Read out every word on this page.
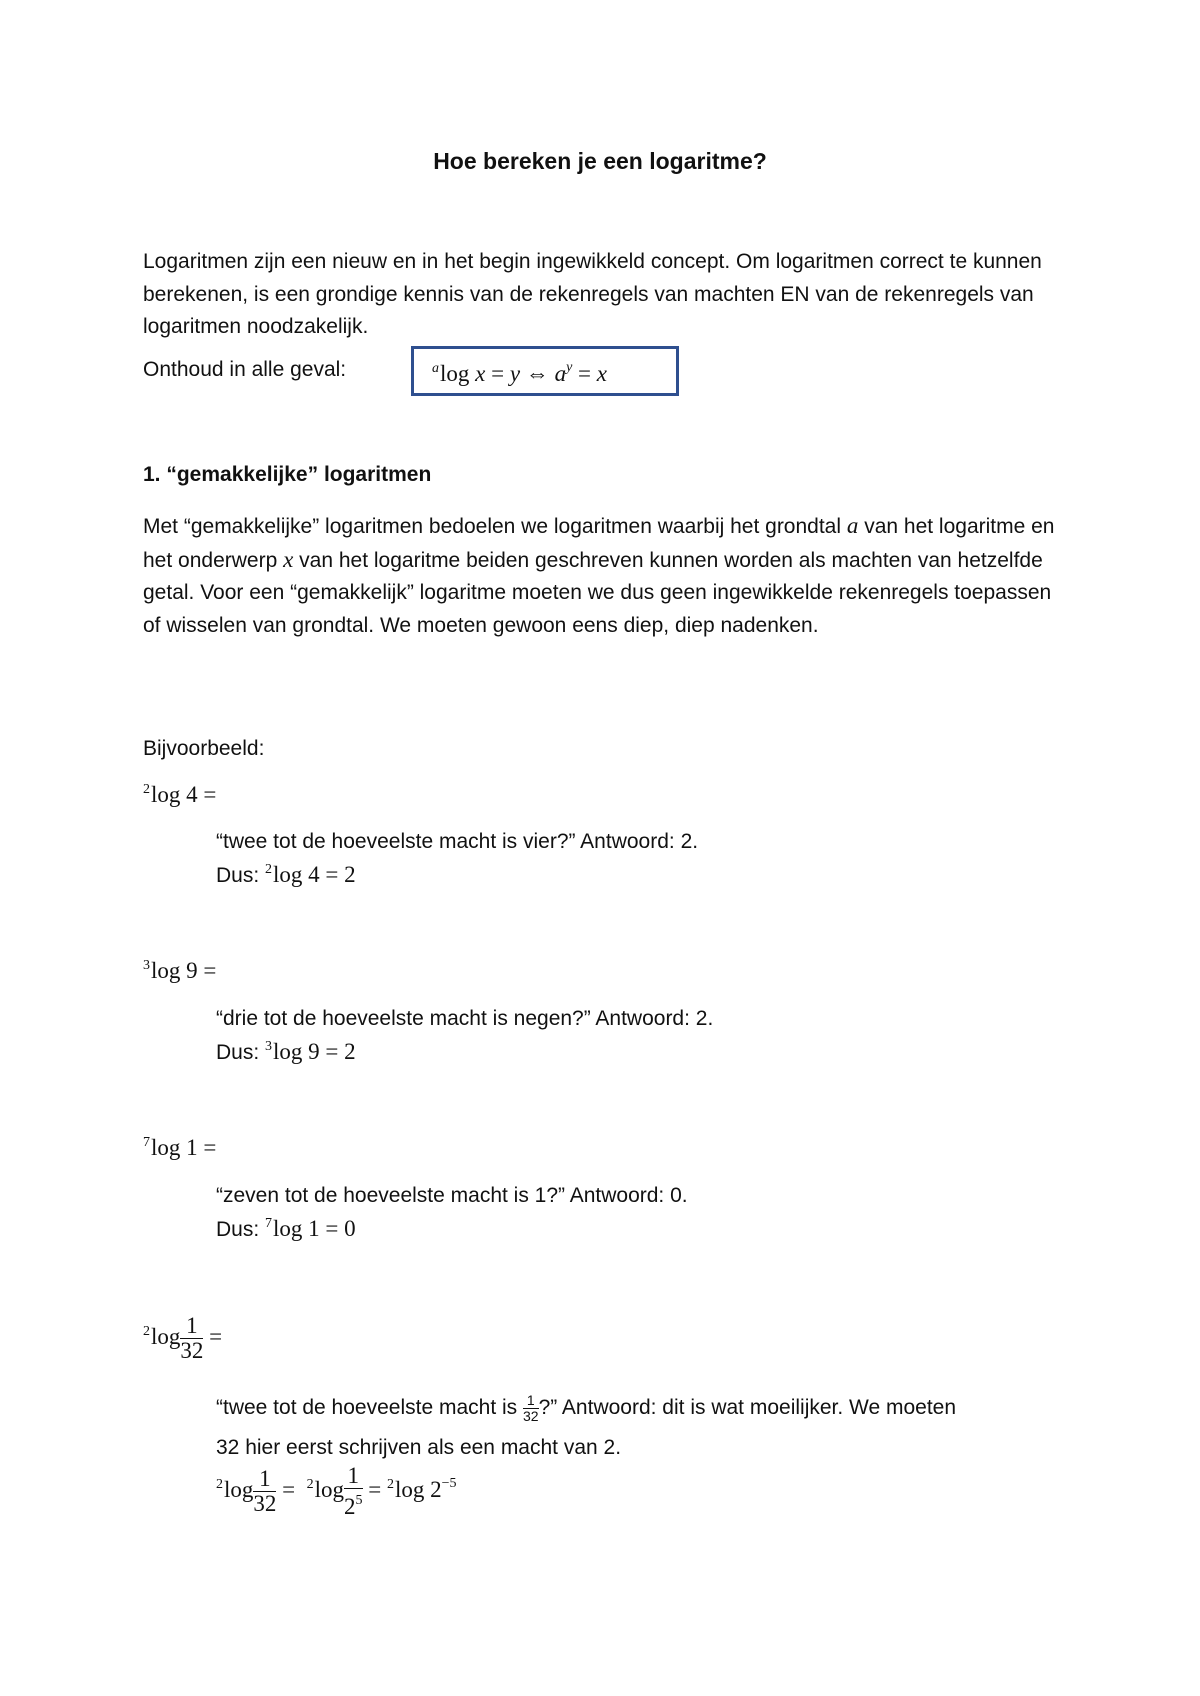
Hoe bereken je een logaritme?
Logaritmen zijn een nieuw en in het begin ingewikkeld concept. Om logaritmen correct te kunnen berekenen, is een grondige kennis van de rekenregels van machten EN van de rekenregels van logaritmen noodzakelijk.
Onthoud in alle geval:	$^a$log x = y ⇔ $a^y = x$
1. “gemakkelijke” logaritmen
Met “gemakkelijke” logaritmen bedoelen we logaritmen waarbij het grondtal a van het logaritme en het onderwerp x van het logaritme beiden geschreven kunnen worden als machten van hetzelfde getal. Voor een “gemakkelijk” logaritme moeten we dus geen ingewikkelde rekenregels toepassen of wisselen van grondtal. We moeten gewoon eens diep, diep nadenken.
Bijvoorbeeld:
$^2$log 4 =
“twee tot de hoeveelste macht is vier?” Antwoord: 2.
Dus: $^2$log 4 = 2
$^3$log 9 =
“drie tot de hoeveelste macht is negen?” Antwoord: 2.
Dus: $^3$log 9 = 2
$^7$log 1 =
“zeven tot de hoeveelste macht is 1?” Antwoord: 0.
Dus: $^7$log 1 = 0
$^2\log \frac{1}{32}$ =
“twee tot de hoeveelste macht is $\frac{1}{32}$ ?” Antwoord: dit is wat moeilijker. We moeten
32 hier eerst schrijven als een macht van 2.
$^2\log \frac{1}{32} = ^2\log \frac{1}{2^5} = ^2\log$ $2^{-5}$
